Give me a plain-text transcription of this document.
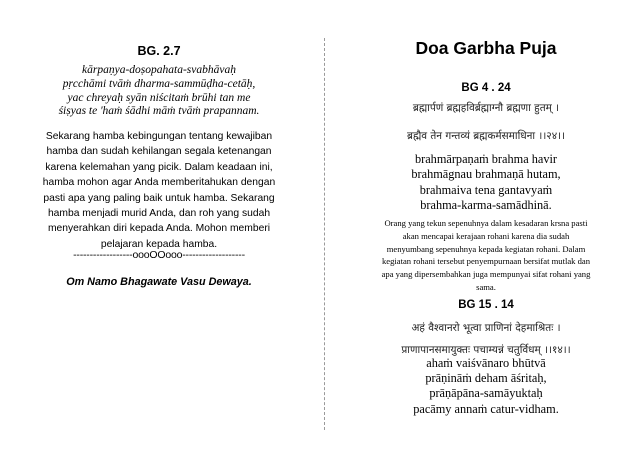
BG. 2.7
kārpaṇya-doṣopahata-svabhāvaḥ
pṛcchāmi tvāṁ dharma-sammūḍha-cetāḥ,
yac chreyaḥ syān niścitaṁ brūhi tan me
śiṣyas te 'haṁ śādhi māṁ tvāṁ prapannam.
Sekarang hamba kebingungan tentang kewajiban
hamba dan sudah kehilangan segala ketenangan
karena kelemahan yang picik. Dalam keadaan ini,
hamba mohon agar Anda memberitahukan dengan
pasti apa yang paling baik untuk hamba. Sekarang
hamba menjadi murid Anda, dan roh yang sudah
menyerahkan diri kepada Anda. Mohon memberi
pelajaran kepada hamba.
------------------oooOOooo-------------------
Om Namo Bhagawate Vasu Dewaya.
Doa Garbha Puja
BG 4 . 24
ब्रह्मार्पणं ब्रह्महविर्ब्रह्माग्नौ ब्रह्मणा हुतम् ।
ब्रह्मैव तेन गन्तव्यं ब्रह्मकर्मसमाधिना ।।२४।।
brahmārpaṇaṁ brahma havir
brahmāgnau brahmaṇā hutam,
brahmaiva tena gantavyaṁ
brahma-karma-samādhinā.
Orang yang tekun sepenuhnya dalam kesadaran krsna pasti
akan mencapai kerajaan rohani karena dia sudah
menyumbang sepenuhnya kepada kegiatan rohani. Dalam
kegiatan rohani tersebut penyempurnaan bersifat mutlak dan
apa yang dipersembahkan juga mempunyai sifat rohani yang
sama.
BG 15 . 14
अहं वैश्वानरो भूत्वा प्राणिनां देहमाश्रितः ।
प्राणापानसमायुक्तः पचाम्यन्नं चतुर्विधम् ।।१४।।
ahaṁ vaiśvānaro bhūtvā
prāṇināṁ deham āśritaḥ,
prāṇāpāna-samāyuktaḥ
pacāmy annaṁ catur-vidham.
